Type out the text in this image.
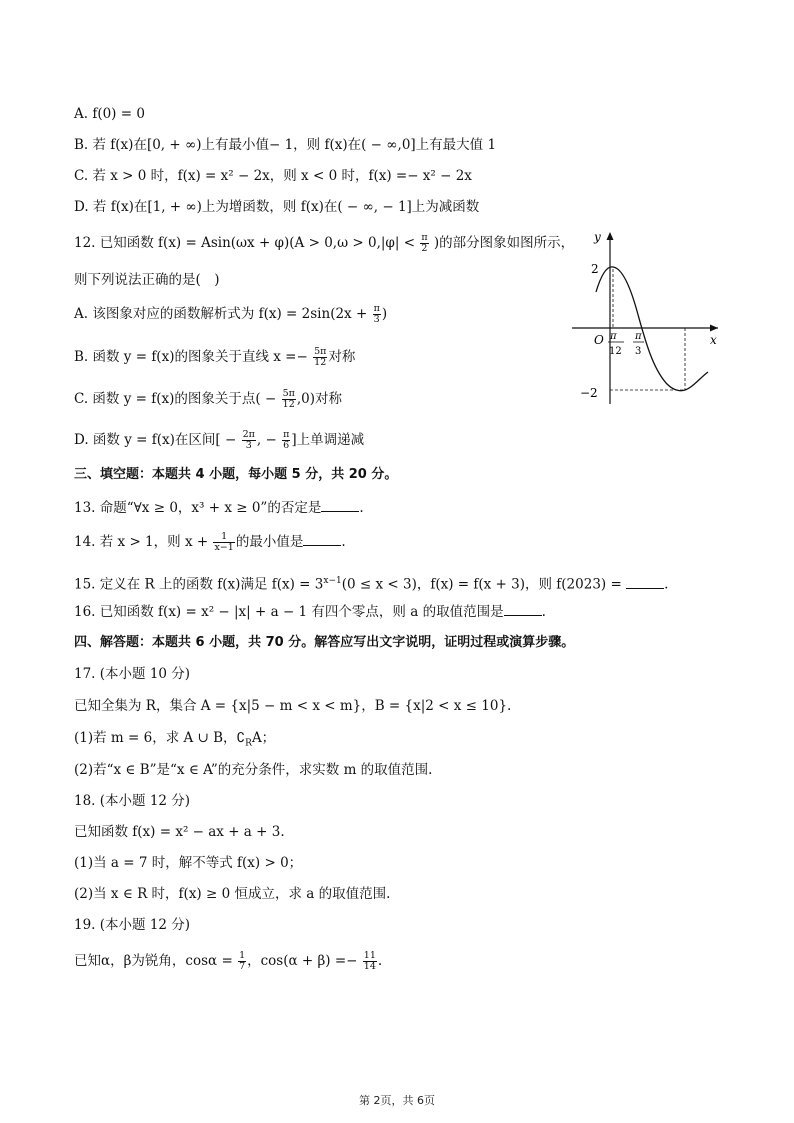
A. f(0) = 0
B. 若 f(x)在[0, + ∞)上有最小值− 1，则 f(x)在( − ∞,0]上有最大值 1
C. 若 x > 0 时，f(x) = x² − 2x，则 x < 0 时，f(x) =− x² − 2x
D. 若 f(x)在[1, + ∞)上为增函数，则 f(x)在( − ∞, − 1]上为减函数
12. 已知函数 $f(x) = Asin(\omega x + \varphi)(A > 0,\omega > 0,|\varphi| < \frac{\pi}{2}$ )的部分图象如图所示，
则下列说法正确的是(　)
A. 该图象对应的函数解析式为 $f(x) = 2\sin(2x + \frac{\pi}{3}$ )
B. 函数 y = f(x)的图象关于直线 $x =- \frac{5\pi}{12}$ 对称
C. 函数 y = f(x)的图象关于点( − $\frac{5\pi}{12} ,0$)对称
D. 函数 y = f(x)在区间[ − $\frac{2\pi}{3}$ , − $\frac{\pi}{6}$ ]上单调递减
y
x
O
2
−2
π
12
π
3
三、填空题：本题共 4 小题，每小题 5 分，共 20 分。
13. 命题“∀x ≥ 0，x³ + x ≥ 0”的否定是	.
14. 若 x > 1，则 $x + \frac{1}{x-1}$ 的最小值是	.
15. 定义在 R 上的函数 f(x)满足 $f(x) = 3^{x-1}(0 \le x < 3)$，f(x) = f(x + 3)，则 f(2023) =	.
16. 已知函数 f(x) = x² − |x| + a − 1 有四个零点，则 a 的取值范围是	.
四、解答题：本题共 6 小题，共 70 分。解答应写出文字说明，证明过程或演算步骤。
17. (本小题 10 分)
已知全集为 R，集合 A = {x|5 − m < x < m}，B = {x|2 < x ≤ 10}.
(1)若 m = 6，求 A ∪ B，$∁_RA$；
(2)若“x ∈ B”是“x ∈ A”的充分条件，求实数 m 的取值范围.
18. (本小题 12 分)
已知函数 f(x) = x² − ax + a + 3.
(1)当 a = 7 时，解不等式 f(x) > 0；
(2)当 x ∈ R 时，f(x) ≥ 0 恒成立，求 a 的取值范围.
19. (本小题 12 分)
已知α，β为锐角，$\cos\alpha = \frac{1}{7}$ ，$\cos(\alpha + \beta) =- \frac{11}{14}$ .
第 2页，共 6页
